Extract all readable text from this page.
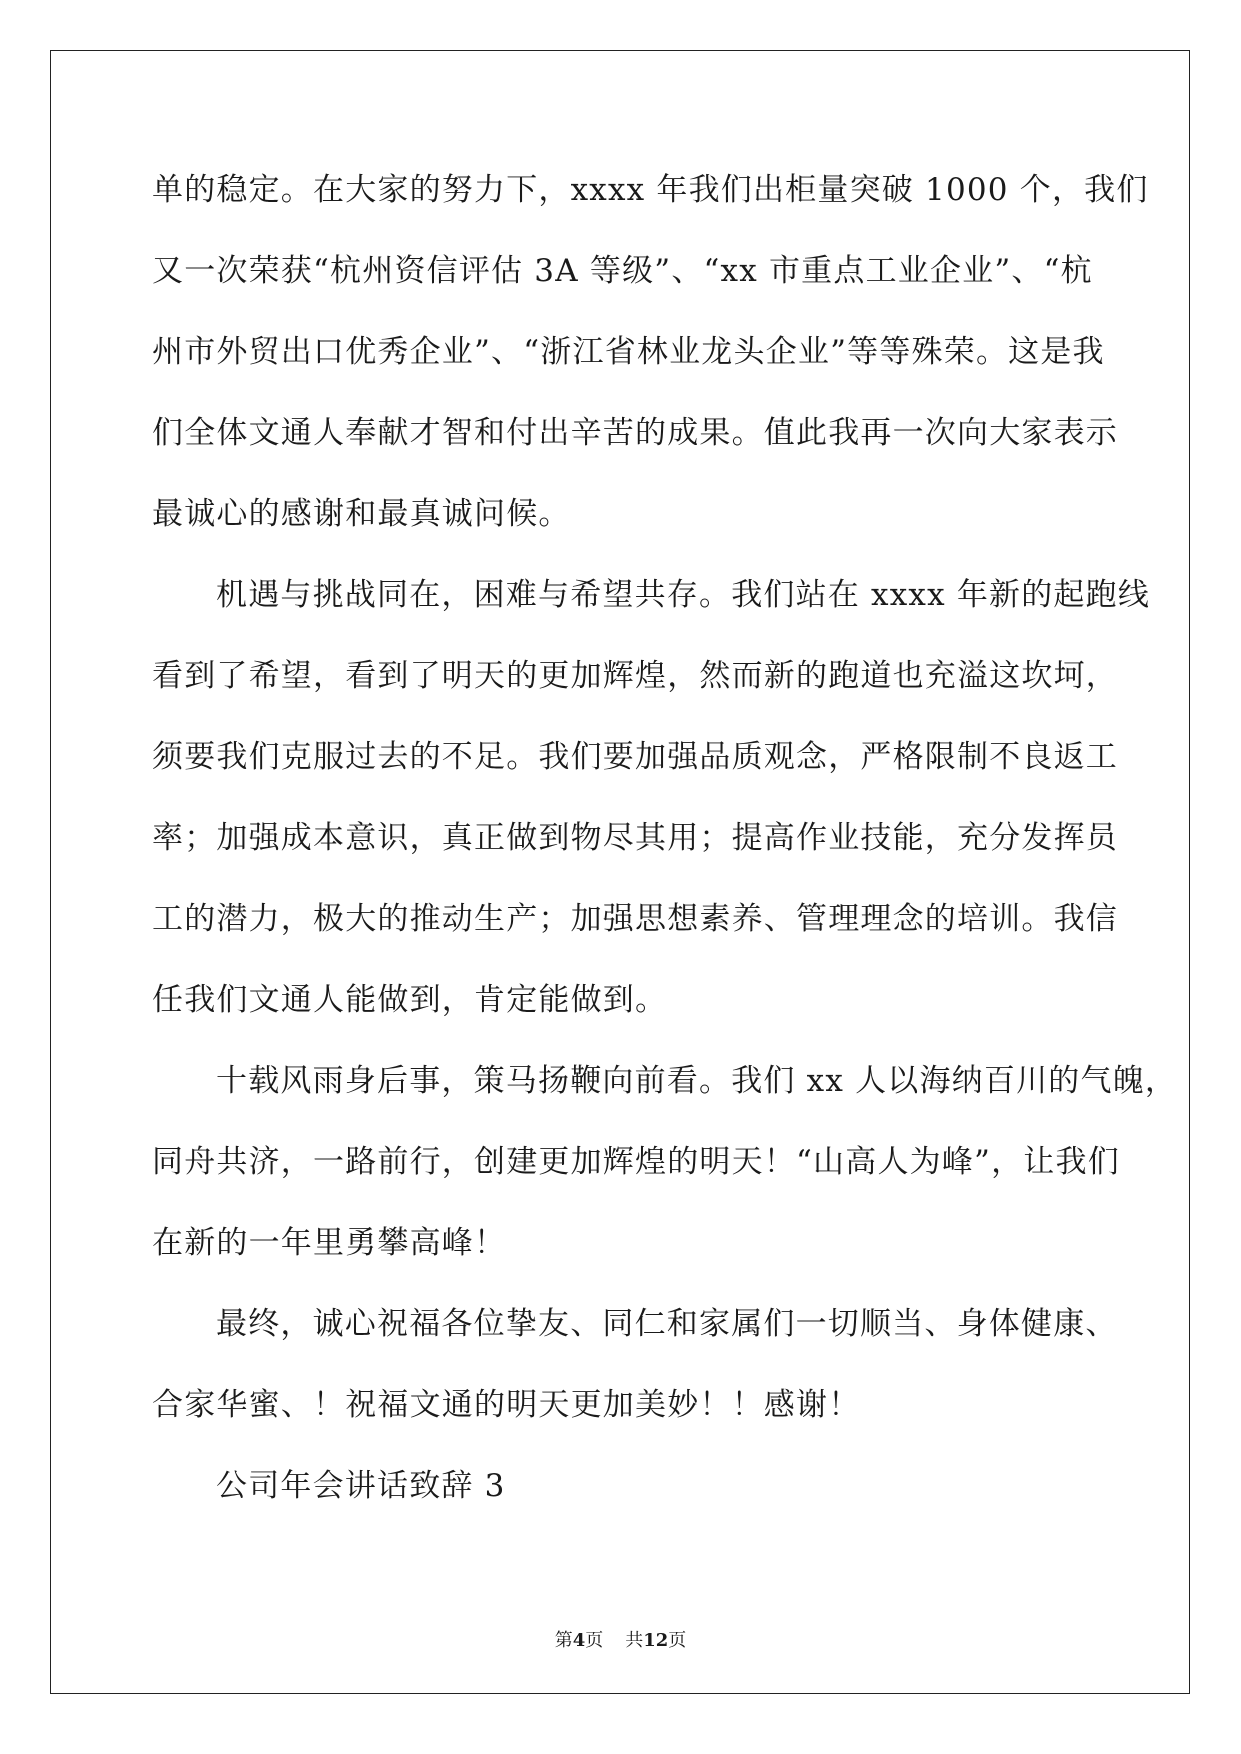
单的稳定。在大家的努力下，xxxx 年我们出柜量突破 1000 个，我们
又一次荣获“杭州资信评估 3A 等级”、“xx 市重点工业企业”、“杭
州市外贸出口优秀企业”、“浙江省林业龙头企业”等等殊荣。这是我
们全体文通人奉献才智和付出辛苦的成果。值此我再一次向大家表示
最诚心的感谢和最真诚问候。
机遇与挑战同在，困难与希望共存。我们站在 xxxx 年新的起跑线
看到了希望，看到了明天的更加辉煌，然而新的跑道也充溢这坎坷，
须要我们克服过去的不足。我们要加强品质观念，严格限制不良返工
率；加强成本意识，真正做到物尽其用；提高作业技能，充分发挥员
工的潜力，极大的推动生产；加强思想素养、管理理念的培训。我信
任我们文通人能做到，肯定能做到。
十载风雨身后事，策马扬鞭向前看。我们 xx 人以海纳百川的气魄，
同舟共济，一路前行，创建更加辉煌的明天！“山高人为峰”，让我们
在新的一年里勇攀高峰！
最终，诚心祝福各位挚友、同仁和家属们一切顺当、身体健康、
合家华蜜、！祝福文通的明天更加美妙！！感谢！
公司年会讲话致辞 3
第4页 共12页
